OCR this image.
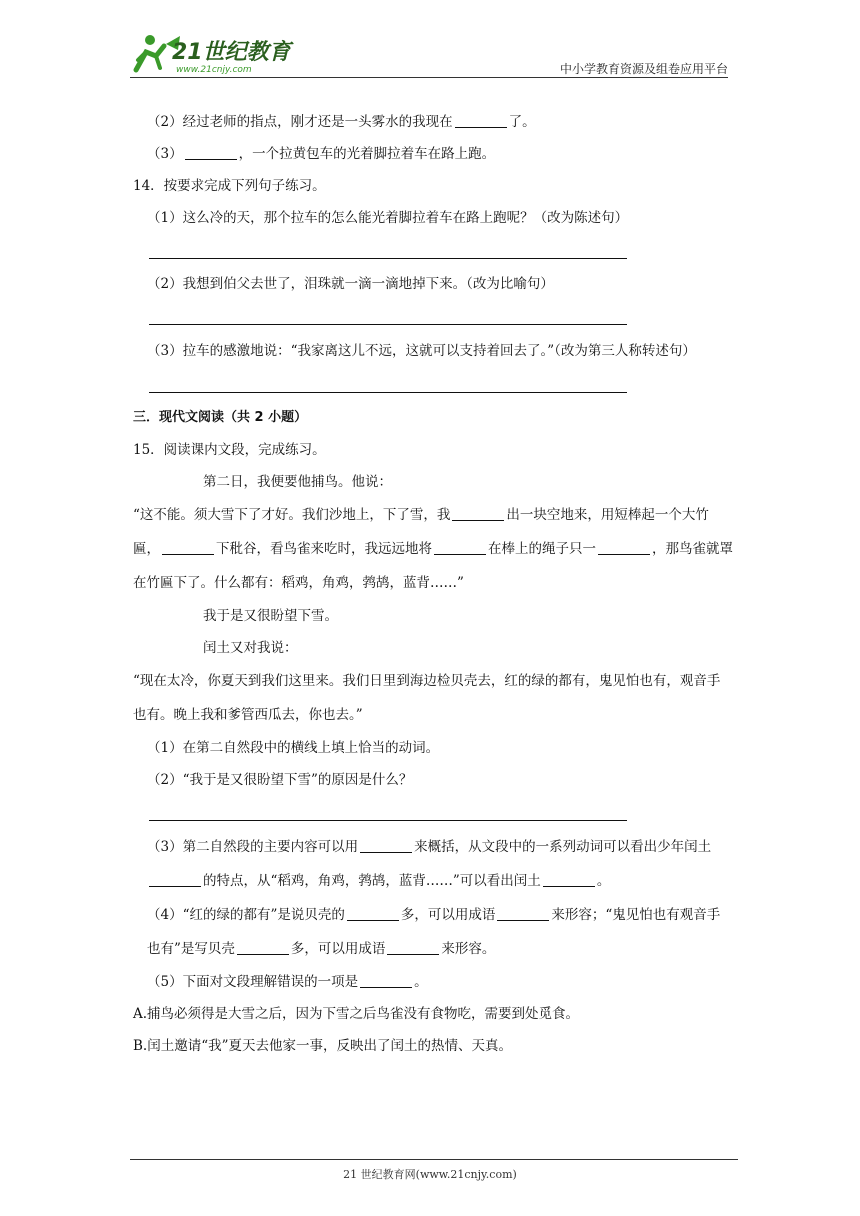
21世纪教育
www.21cnjy.com	中小学教育资源及组卷应用平台
（2）经过老师的指点，刚才还是一头雾水的我现在	了。
（3）	，一个拉黄包车的光着脚拉着车在路上跑。
14．按要求完成下列句子练习。
（1）这么冷的天，那个拉车的怎么能光着脚拉着车在路上跑呢？（改为陈述句）
（2）我想到伯父去世了，泪珠就一滴一滴地掉下来。（改为比喻句）
（3）拉车的感激地说：“我家离这儿不远，这就可以支持着回去了。”（改为第三人称转述句）
三．现代文阅读（共 2 小题）
15．阅读课内文段，完成练习。
第二日，我便要他捕鸟。他说：
“这不能。须大雪下了才好。我们沙地上，下了雪，我	出一块空地来，用短棒起一个大竹匾，	下秕谷，看鸟雀来吃时，我远远地将	在棒上的绳子只一	，那鸟雀就罩在竹匾下了。什么都有：稻鸡，角鸡，鹁鸪，蓝背……”
我于是又很盼望下雪。
闰土又对我说：
“现在太冷，你夏天到我们这里来。我们日里到海边检贝壳去，红的绿的都有，鬼见怕也有，观音手也有。晚上我和爹管西瓜去，你也去。”
（1）在第二自然段中的横线上填上恰当的动词。
（2）“我于是又很盼望下雪”的原因是什么？
（3）第二自然段的主要内容可以用	来概括，从文段中的一系列动词可以看出少年闰土的特点，从“稻鸡，角鸡，鹁鸪，蓝背……”可以看出闰土	。
（4）“红的绿的都有”是说贝壳的	多，可以用成语	来形容；“鬼见怕也有观音手也有”是写贝壳	多，可以用成语	来形容。
（5）下面对文段理解错误的一项是	。
A.捕鸟必须得是大雪之后，因为下雪之后鸟雀没有食物吃，需要到处觅食。
B.闰土邀请“我”夏天去他家一事，反映出了闰土的热情、天真。
21 世纪教育网(www.21cnjy.com)
